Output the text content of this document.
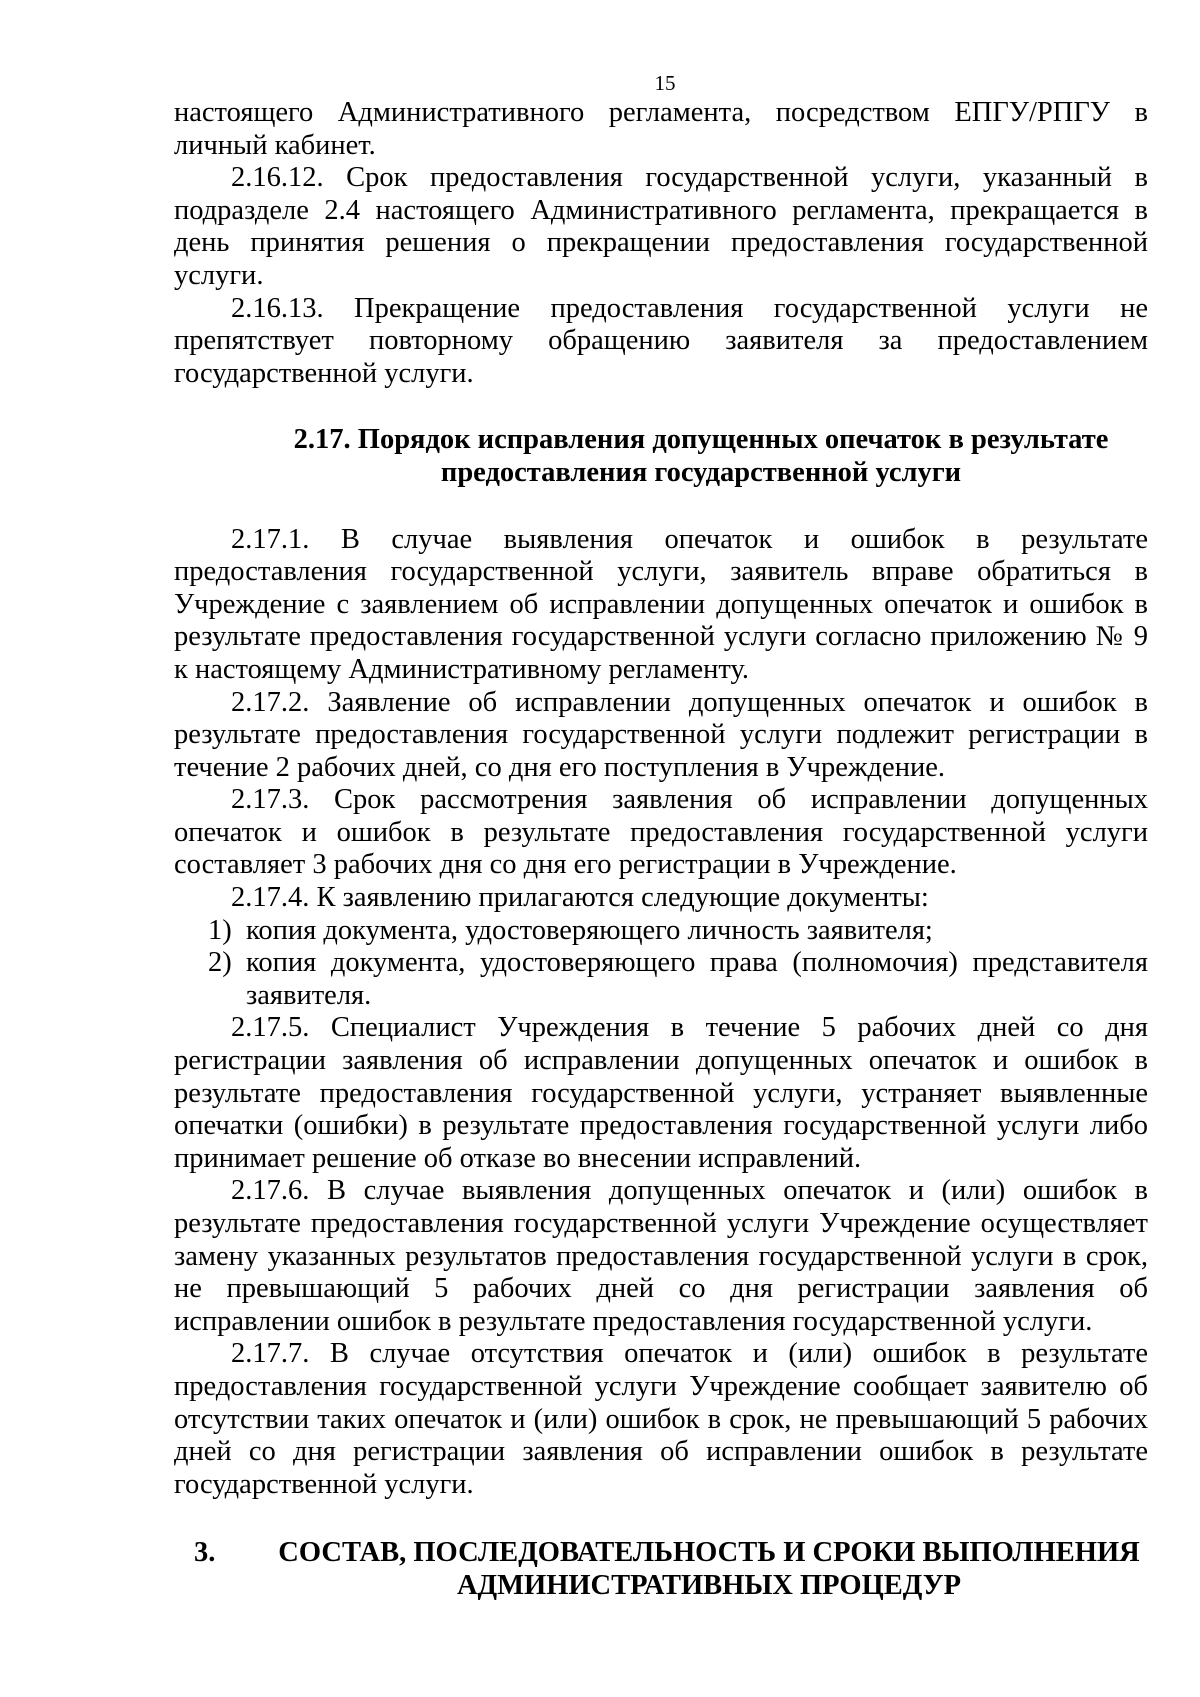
15

настоящего Административного регламента, посредством ЕПГУ/РПГУ в личный кабинет.

2.16.12. Срок предоставления государственной услуги, указанный в подразделе 2.4 настоящего Административного регламента, прекращается в день принятия решения о прекращении предоставления государственной услуги.

2.16.13. Прекращение предоставления государственной услуги не препятствует повторному обращению заявителя за предоставлением государственной услуги.

2.17. Порядок исправления допущенных опечаток в результате предоставления государственной услуги

2.17.1. В случае выявления опечаток и ошибок в результате предоставления государственной услуги, заявитель вправе обратиться в Учреждение с заявлением об исправлении допущенных опечаток и ошибок в результате предоставления государственной услуги согласно приложению № 9 к настоящему Административному регламенту.

2.17.2. Заявление об исправлении допущенных опечаток и ошибок в результате предоставления государственной услуги подлежит регистрации в течение 2 рабочих дней, со дня его поступления в Учреждение.

2.17.3. Срок рассмотрения заявления об исправлении допущенных опечаток и ошибок в результате предоставления государственной услуги составляет 3 рабочих дня со дня его регистрации в Учреждение.

2.17.4. К заявлению прилагаются следующие документы:

1) копия документа, удостоверяющего личность заявителя;
2) копия документа, удостоверяющего права (полномочия) представителя заявителя.

2.17.5. Специалист Учреждения в течение 5 рабочих дней со дня регистрации заявления об исправлении допущенных опечаток и ошибок в результате предоставления государственной услуги, устраняет выявленные опечатки (ошибки) в результате предоставления государственной услуги либо принимает решение об отказе во внесении исправлений.

2.17.6. В случае выявления допущенных опечаток и (или) ошибок в результате предоставления государственной услуги Учреждение осуществляет замену указанных результатов предоставления государственной услуги в срок, не превышающий 5 рабочих дней со дня регистрации заявления об исправлении ошибок в результате предоставления государственной услуги.

2.17.7. В случае отсутствия опечаток и (или) ошибок в результате предоставления государственной услуги Учреждение сообщает заявителю об отсутствии таких опечаток и (или) ошибок в срок, не превышающий 5 рабочих дней со дня регистрации заявления об исправлении ошибок в результате государственной услуги.

3.	СОСТАВ, ПОСЛЕДОВАТЕЛЬНОСТЬ И СРОКИ ВЫПОЛНЕНИЯ АДМИНИСТРАТИВНЫХ ПРОЦЕДУР
